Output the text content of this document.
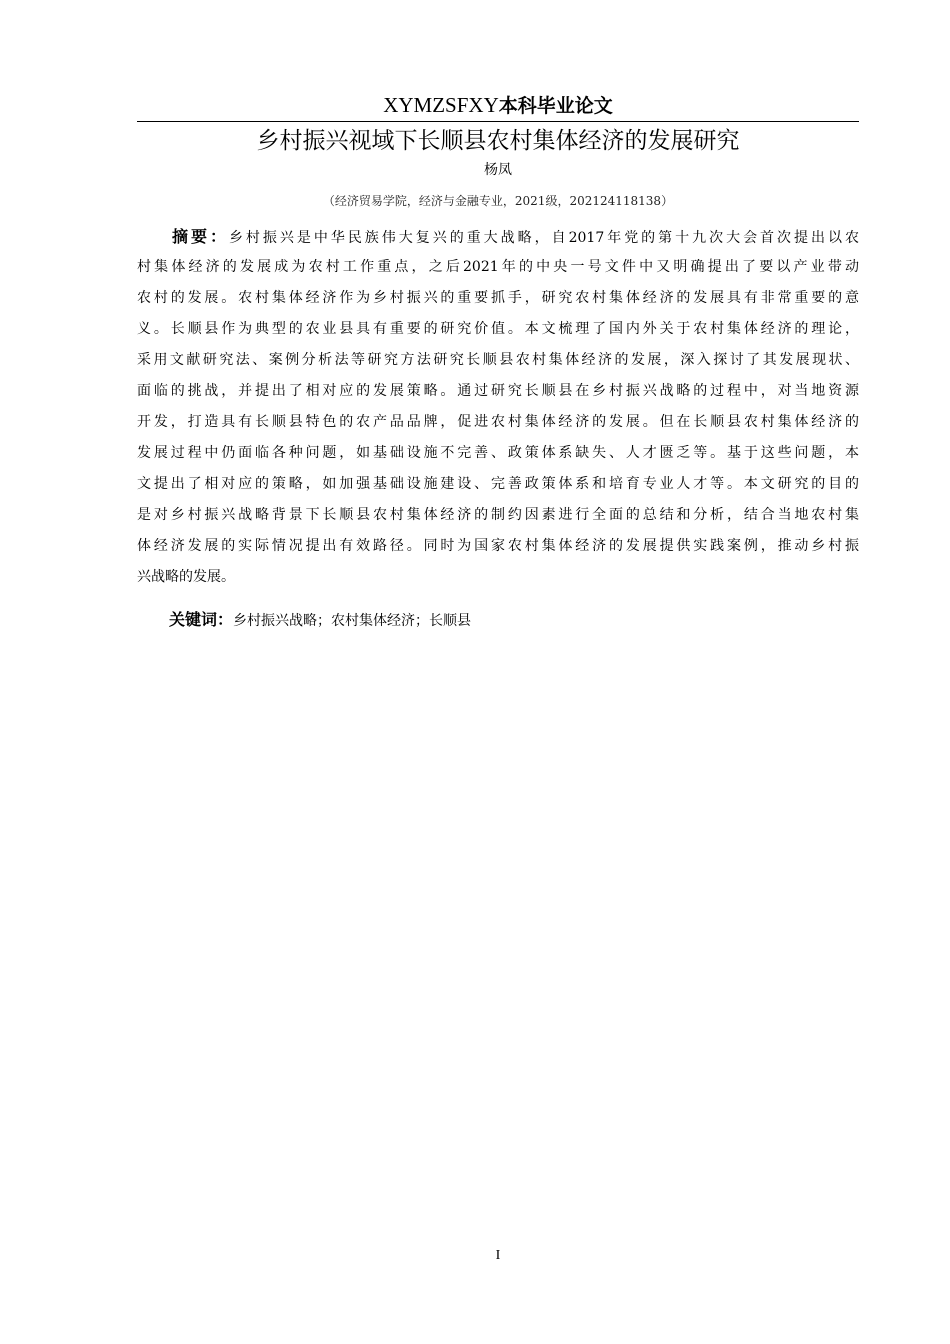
XYMZSFXY本科毕业论文
乡村振兴视域下长顺县农村集体经济的发展研究
杨凤
（经济贸易学院，经济与金融专业，2021级，202124118138）
摘要：乡村振兴是中华民族伟大复兴的重大战略，自2017年党的第十九次大会首次提出以农
村集体经济的发展成为农村工作重点，之后2021年的中央一号文件中又明确提出了要以产业带动
农村的发展。农村集体经济作为乡村振兴的重要抓手，研究农村集体经济的发展具有非常重要的意
义。长顺县作为典型的农业县具有重要的研究价值。本文梳理了国内外关于农村集体经济的理论，
采用文献研究法、案例分析法等研究方法研究长顺县农村集体经济的发展，深入探讨了其发展现状、
面临的挑战，并提出了相对应的发展策略。通过研究长顺县在乡村振兴战略的过程中，对当地资源
开发，打造具有长顺县特色的农产品品牌，促进农村集体经济的发展。但在长顺县农村集体经济的
发展过程中仍面临各种问题，如基础设施不完善、政策体系缺失、人才匮乏等。基于这些问题，本
文提出了相对应的策略，如加强基础设施建设、完善政策体系和培育专业人才等。本文研究的目的
是对乡村振兴战略背景下长顺县农村集体经济的制约因素进行全面的总结和分析，结合当地农村集
体经济发展的实际情况提出有效路径。同时为国家农村集体经济的发展提供实践案例，推动乡村振
兴战略的发展。
关键词：乡村振兴战略；农村集体经济；长顺县
I
